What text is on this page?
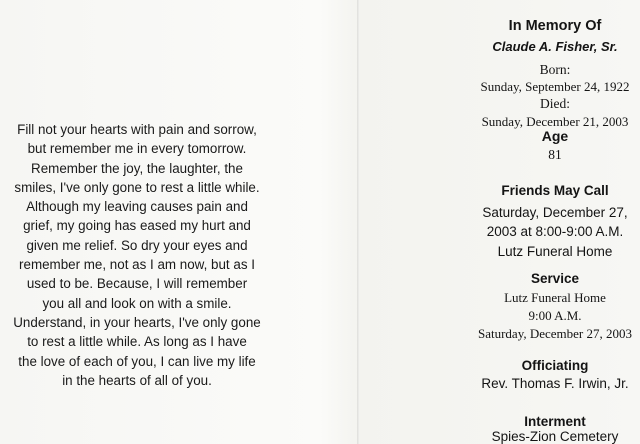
Fill not your hearts with pain and sorrow,
but remember me in every tomorrow.
Remember the joy, the laughter, the
smiles, I've only gone to rest a little while.
Although my leaving causes pain and
grief, my going has eased my hurt and
given me relief. So dry your eyes and
remember me, not as I am now, but as I
used to be. Because, I will remember
you all and look on with a smile.
Understand, in your hearts, I've only gone
to rest a little while. As long as I have
the love of each of you, I can live my life
in the hearts of all of you.
In Memory Of
Claude A. Fisher, Sr.
Born:
Sunday, September 24, 1922
Died:
Sunday, December 21, 2003
Age
81
Friends May Call
Saturday, December 27,
2003 at 8:00-9:00 A.M.
Lutz Funeral Home
Service
Lutz Funeral Home
9:00 A.M.
Saturday, December 27, 2003
Officiating
Rev. Thomas F. Irwin, Jr.
Interment
Spies-Zion Cemetery
